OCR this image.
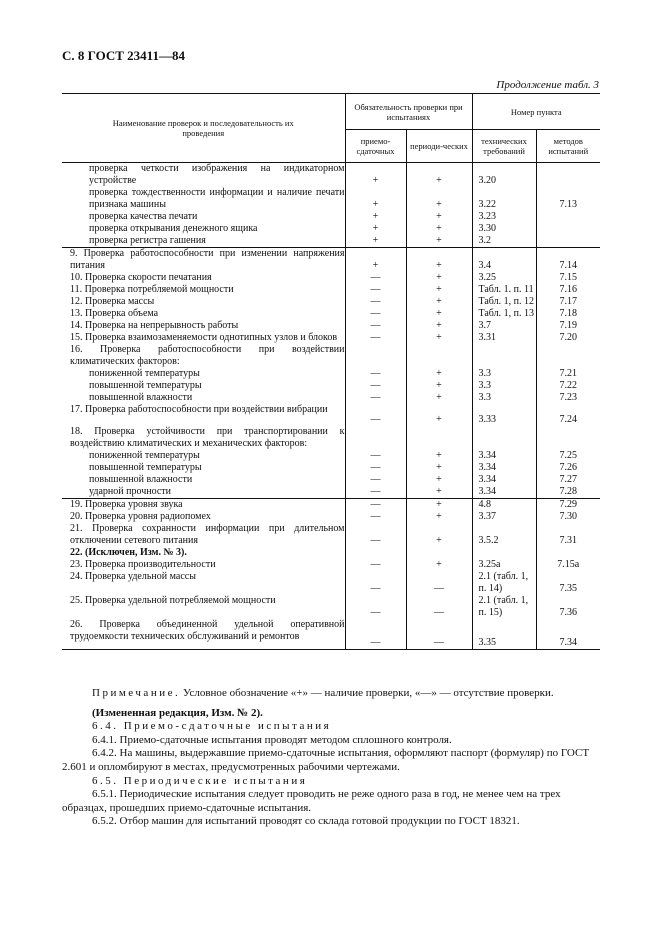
С. 8 ГОСТ 23411—84
Продолжение табл. 3
Наименование проверок и последовательность их проведения	Обязательность проверки при испытаниях		Номер пункта	
	приемо-сдаточных	периоди-ческих	технических требований	методов испытаний
проверка четкости изображения на индикаторном устройстве	+	+	3.20	
проверка тождественности информации и наличие печати признака машины	+	+	3.22	7.13
проверка качества печати	+	+	3.23	
проверка открывания денежного ящика	+	+	3.30	
проверка регистра гашения	+	+	3.2	
9. Проверка работоспособности при изменении напряжения питания	+	+	3.4	7.14
10. Проверка скорости печатания	—	+	3.25	7.15
11. Проверка потребляемой мощности	—	+	Табл. 1. п. 11	7.16
12. Проверка массы	—	+	Табл. 1, п. 12	7.17
13. Проверка объема	—	+	Табл. 1, п. 13	7.18
14. Проверка на непрерывность работы	—	+	3.7	7.19
15. Проверка взаимозаменяемости однотипных узлов и блоков	—	+	3.31	7.20
16. Проверка работоспособности при воздействии климатических факторов:				
пониженной температуры	—	+	3.3	7.21
повышенной температуры	—	+	3.3	7.22
повышенной влажности	—	+	3.3	7.23
17. Проверка работоспособности при воздействии вибрации	—	+	3.33	7.24
18. Проверка устойчивости при транспортировании к воздействию климатических и механических факторов:				
пониженной температуры	—	+	3.34	7.25
повышенной температуры	—	+	3.34	7.26
повышенной влажности	—	+	3.34	7.27
ударной прочности	—	+	3.34	7.28
19. Проверка уровня звука	—	+	4.8	7.29
20. Проверка уровня радиопомех	—	+	3.37	7.30
21. Проверка сохранности информации при длительном отключении сетевого питания	—	+	3.5.2	7.31
22. (Исключен, Изм. № 3).				
23. Проверка производительности	—	+	3.25а	7.15а
24. Проверка удельной массы	—	—	2.1 (табл. 1, п. 14)	7.35
25. Проверка удельной потребляемой мощности	—	—	2.1 (табл. 1, п. 15)	7.36
26. Проверка объединенной удельной оперативной трудоемкости технических обслуживаний и ремонтов	—	—	3.35	7.34

Примечание. Условное обозначение «+» — наличие проверки, «—» — отсутствие проверки.

(Измененная редакция, Изм. № 2).

6.4. Приемо-сдаточные испытания

6.4.1. Приемо-сдаточные испытания проводят методом сплошного контроля.

6.4.2. На машины, выдержавшие приемо-сдаточные испытания, оформляют паспорт (формуляр) по ГОСТ 2.601 и опломбируют в местах, предусмотренных рабочими чертежами.

6.5. Периодические испытания

6.5.1. Периодические испытания следует проводить не реже одного раза в год, не менее чем на трех образцах, прошедших приемо-сдаточные испытания.

6.5.2. Отбор машин для испытаний проводят со склада готовой продукции по ГОСТ 18321.
